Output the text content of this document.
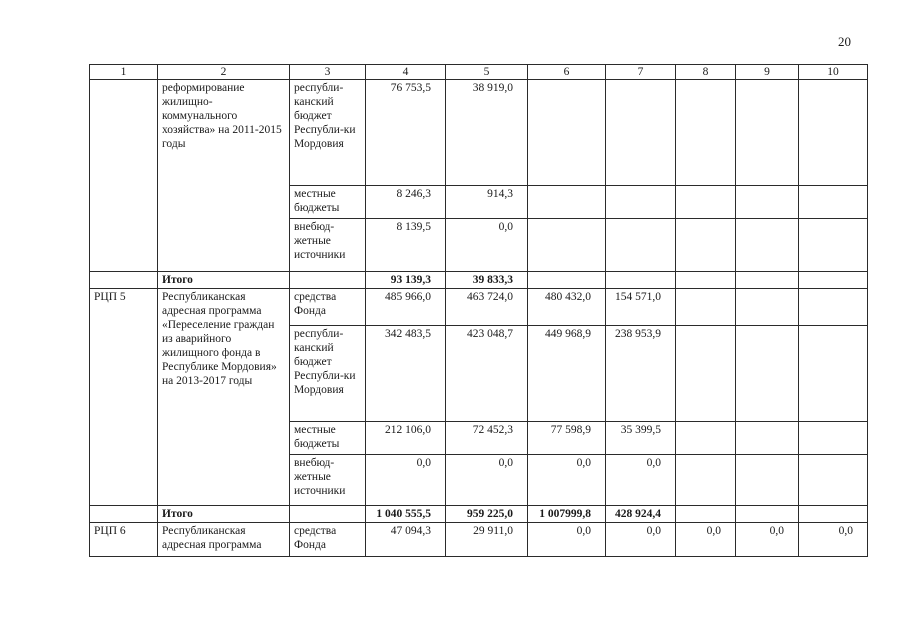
20
1	2	3	4	5	6	7	8	9	10
	реформирование жилищно-коммунального хозяйства» на 2011-2015 годы	республи-канский бюджет Республи-ки Мордовия	76 753,5	38 919,0					
		местные бюджеты	8 246,3	914,3					
		внебюд-жетные источники	8 139,5	0,0					
	Итого		93 139,3	39 833,3					
РЦП 5	Республиканская адресная программа «Переселение граждан из аварийного жилищного фонда в Республике Мордовия» на 2013-2017 годы	средства Фонда	485 966,0	463 724,0	480 432,0	154 571,0			
		республи-канский бюджет Республи-ки Мордовия	342 483,5	423 048,7	449 968,9	238 953,9			
		местные бюджеты	212 106,0	72 452,3	77 598,9	35 399,5			
		внебюд-жетные источники	0,0	0,0	0,0	0,0			
	Итого		1 040 555,5	959 225,0	1 007999,8	428 924,4			
РЦП 6	Республиканская адресная программа	средства Фонда	47 094,3	29 911,0	0,0	0,0	0,0	0,0	0,0
